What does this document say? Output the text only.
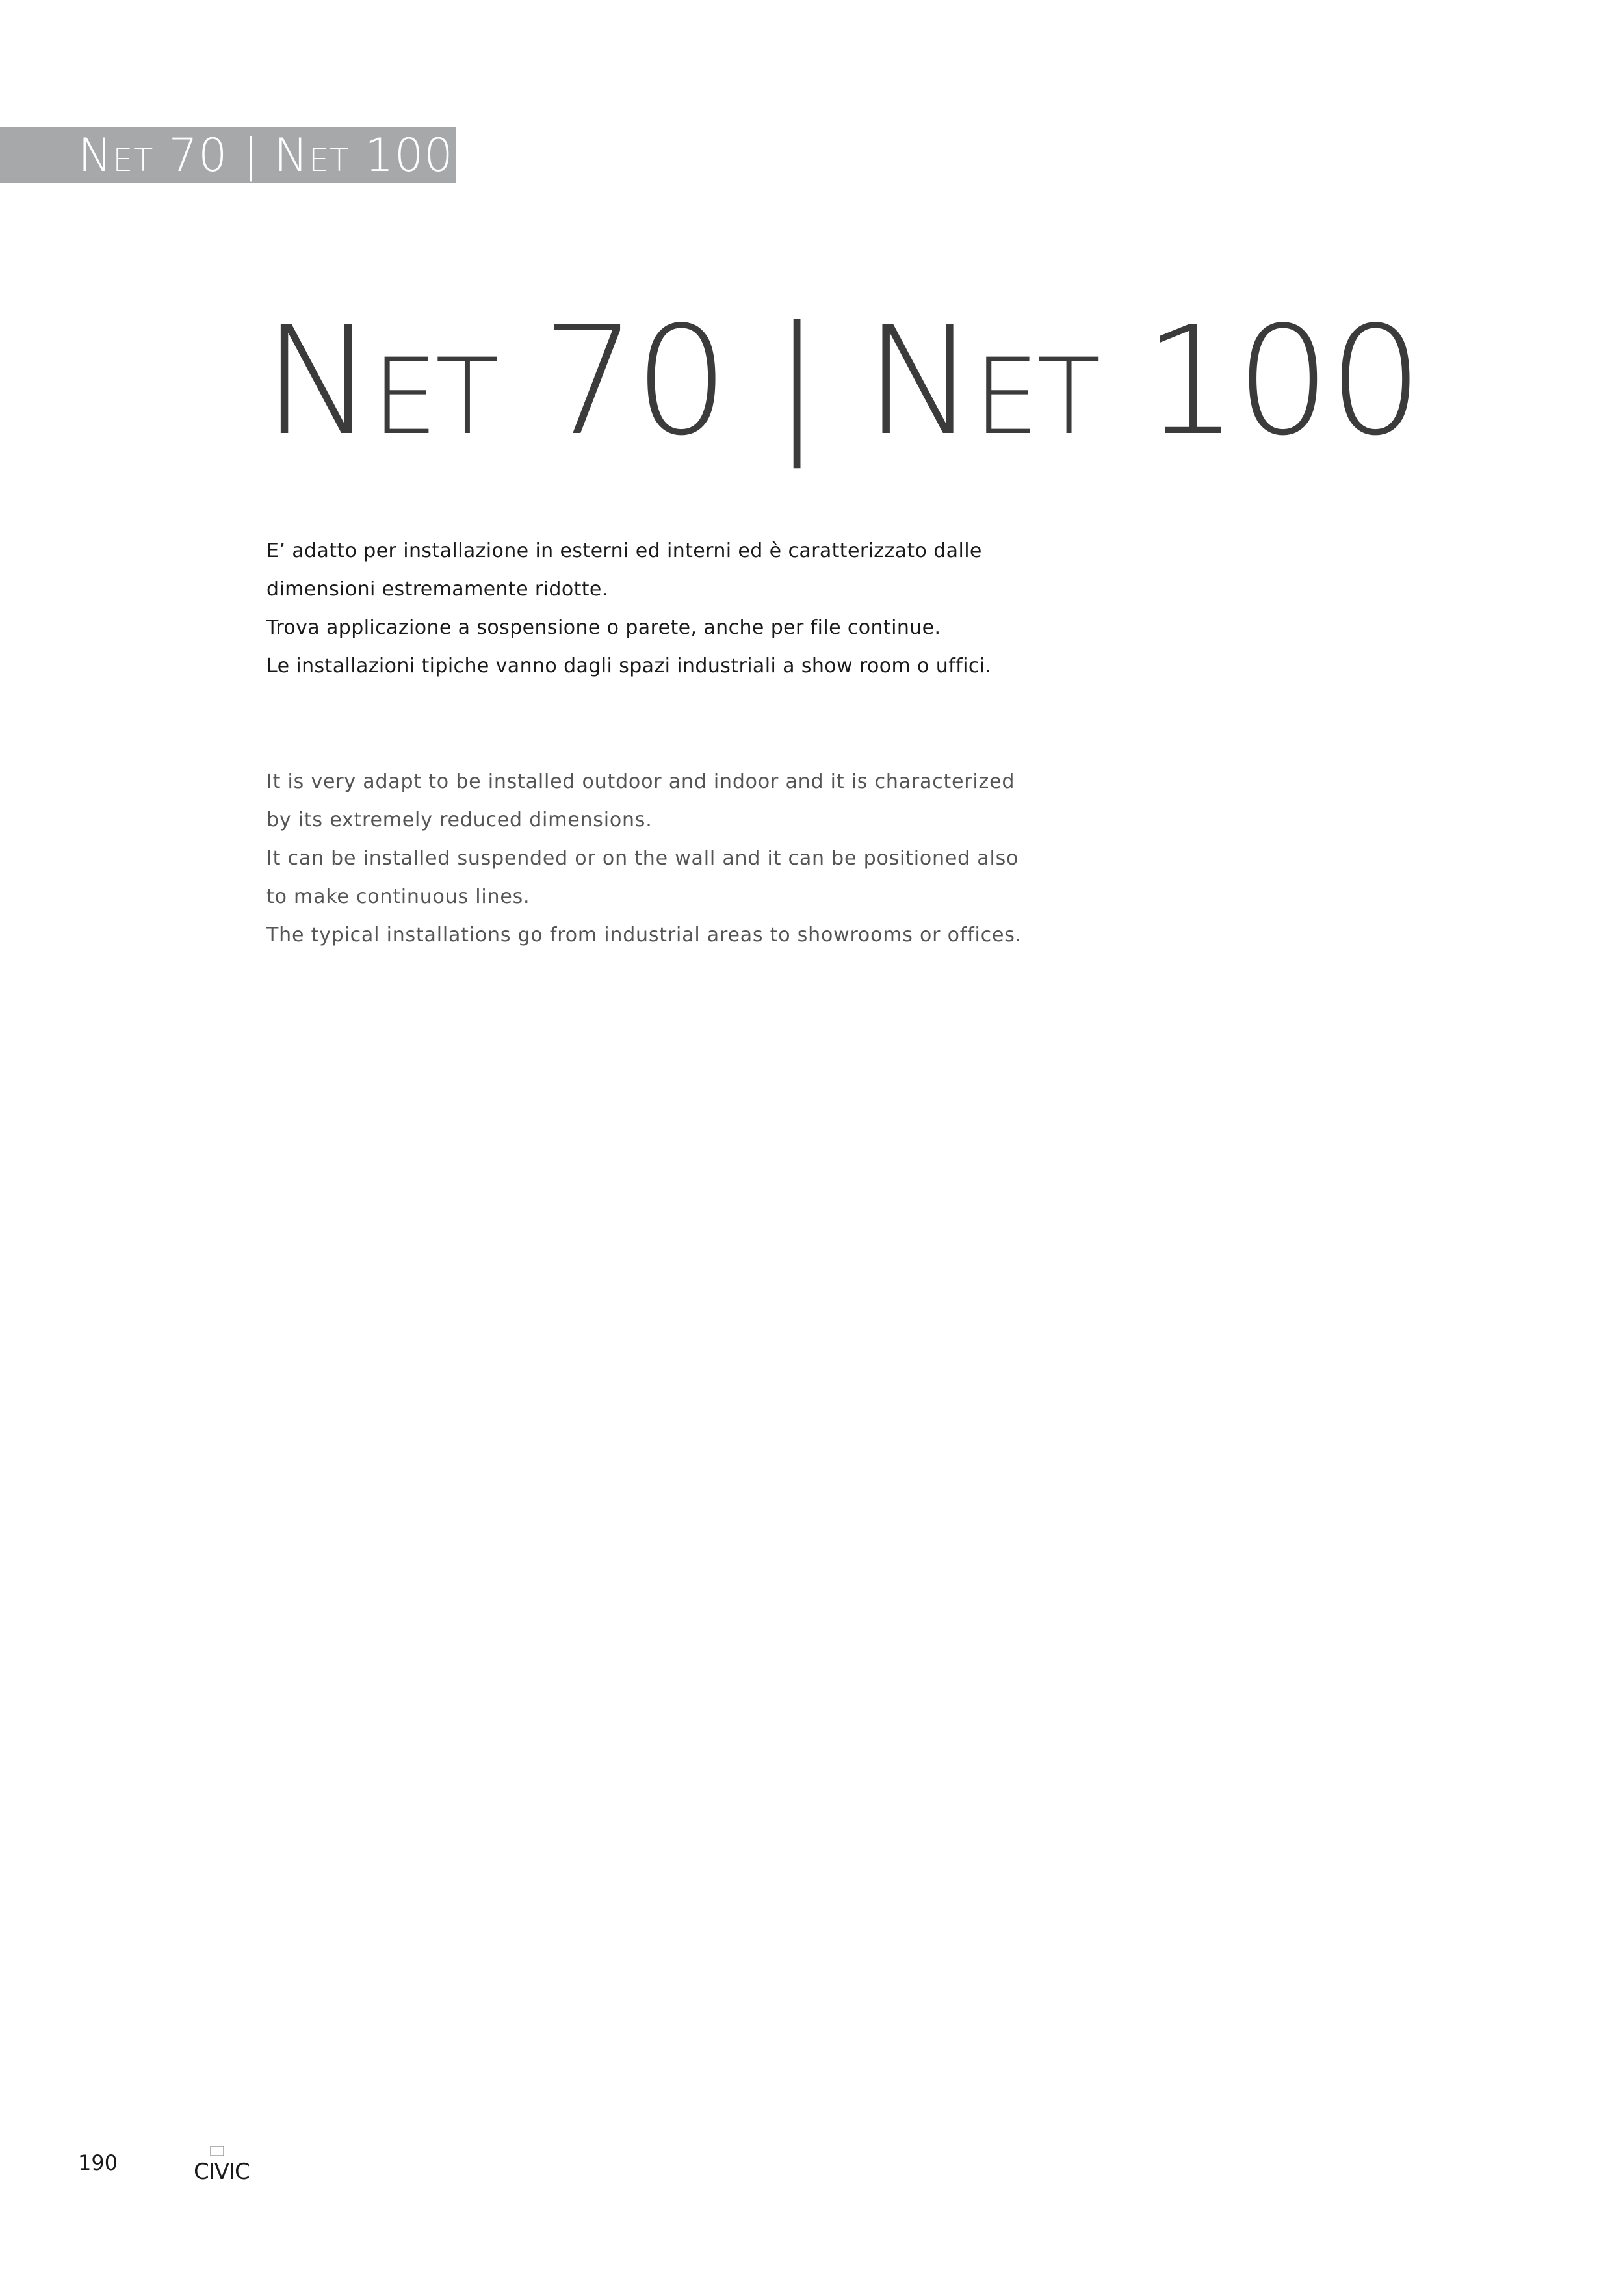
Net 70 | Net 100
Net 70 | Net 100
E’ adatto per installazione in esterni ed interni ed è caratterizzato dalle
dimensioni estremamente ridotte.
Trova applicazione a sospensione o parete, anche per file continue.
Le installazioni tipiche vanno dagli spazi industriali a show room o uffici.
It is very adapt to be installed outdoor and indoor and it is characterized
by its extremely reduced dimensions.
It can be installed suspended or on the wall and it can be positioned also
to make continuous lines.
The typical installations go from industrial areas to showrooms or offices.
190	CIVIC
